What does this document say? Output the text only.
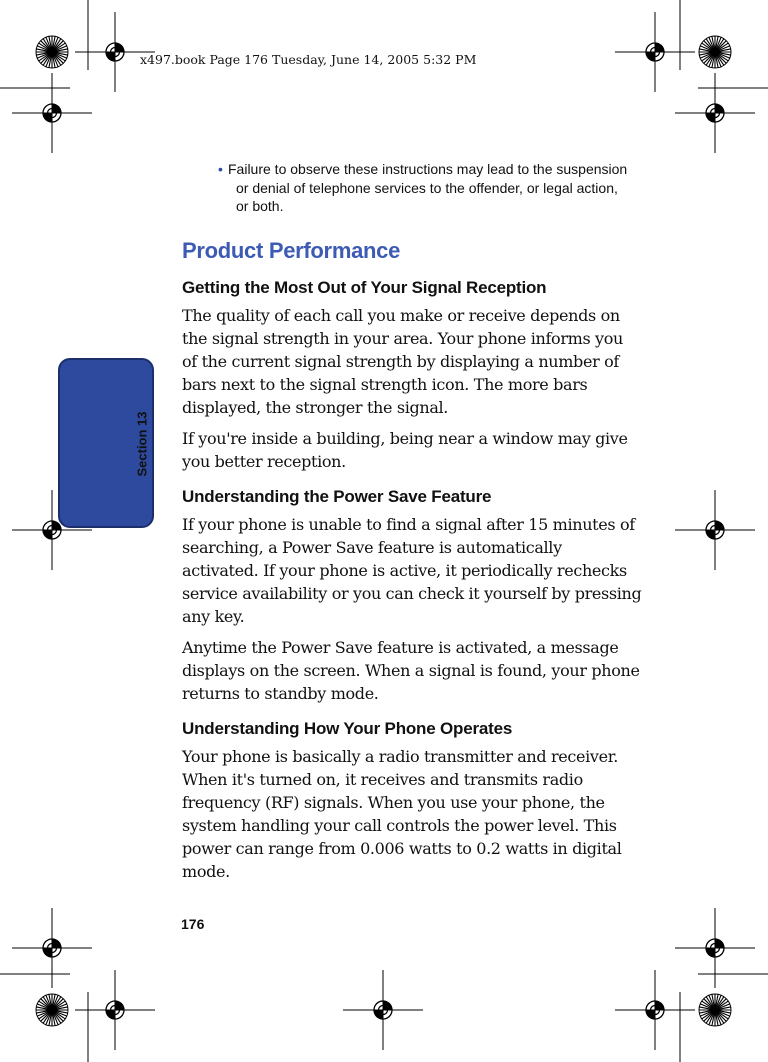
x497.book Page 176 Tuesday, June 14, 2005 5:32 PM
Section 13
• Failure to observe these instructions may lead to the suspension or denial of telephone services to the offender, or legal action, or both.
Product Performance
Getting the Most Out of Your Signal Reception

The quality of each call you make or receive depends on the signal strength in your area. Your phone informs you of the current signal strength by displaying a number of bars next to the signal strength icon. The more bars displayed, the stronger the signal.

If you're inside a building, being near a window may give you better reception.

Understanding the Power Save Feature

If your phone is unable to find a signal after 15 minutes of searching, a Power Save feature is automatically activated. If your phone is active, it periodically rechecks service availability or you can check it yourself by pressing any key.

Anytime the Power Save feature is activated, a message displays on the screen. When a signal is found, your phone returns to standby mode.

Understanding How Your Phone Operates

Your phone is basically a radio transmitter and receiver. When it's turned on, it receives and transmits radio frequency (RF) signals. When you use your phone, the system handling your call controls the power level. This power can range from 0.006 watts to 0.2 watts in digital mode.

176
